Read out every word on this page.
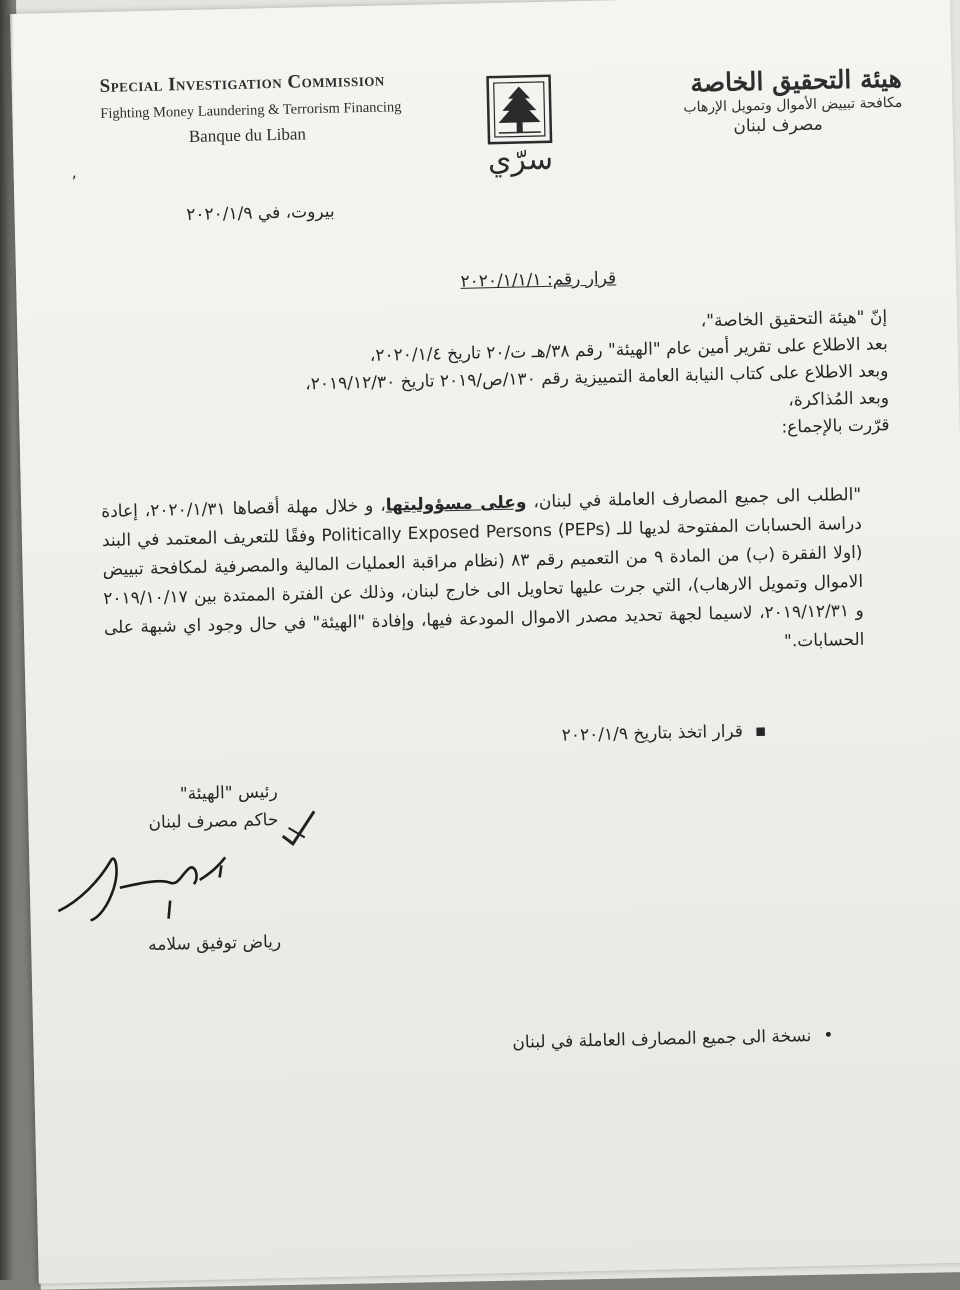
Special Investigation Commission
Fighting Money Laundering & Terrorism Financing
Banque du Liban
هيئة التحقيق الخاصة
مكافحة تبييض الأموال وتمويل الإرهاب
مصرف لبنان
سرّي
,
بيروت، في ٢٠٢٠/١/٩
قرار رقم: ٢٠٢٠/١/١/١

إنّ "هيئة التحقيق الخاصة"،

بعد الاطلاع على تقرير أمين عام "الهيئة" رقم ٣٨/هـ ت/٢٠ تاريخ ٢٠٢٠/١/٤،

وبعد الاطلاع على كتاب النيابة العامة التمييزية رقم ١٣٠/ص/٢٠١٩ تاريخ ٢٠١٩/١٢/٣٠،

وبعد المُذاكرة،

قرّرت بالإجماع:

"الطلب الى جميع المصارف العاملة في لبنان، وعلى مسؤوليتها، و خلال مهلة أقصاها ٢٠٢٠/١/٣١، إعادة دراسة الحسابات المفتوحة لديها للـ Politically Exposed Persons (PEPs) وفقًا للتعريف المعتمد في البند (اولا الفقرة (ب) من المادة ٩ من التعميم رقم ٨٣ (نظام مراقبة العمليات المالية والمصرفية لمكافحة تبييض الاموال وتمويل الارهاب)، التي جرت عليها تحاويل الى خارج لبنان، وذلك عن الفترة الممتدة بين ٢٠١٩/١٠/١٧ و ٢٠١٩/١٢/٣١، لاسيما لجهة تحديد مصدر الاموال المودعة فيها، وإفادة "الهيئة" في حال وجود اي شبهة على الحسابات."

▪قرار اتخذ بتاريخ ٢٠٢٠/١/٩
رئيس "الهيئة"
حاكم مصرف لبنان
رياض توفيق سلامه
•نسخة الى جميع المصارف العاملة في لبنان
